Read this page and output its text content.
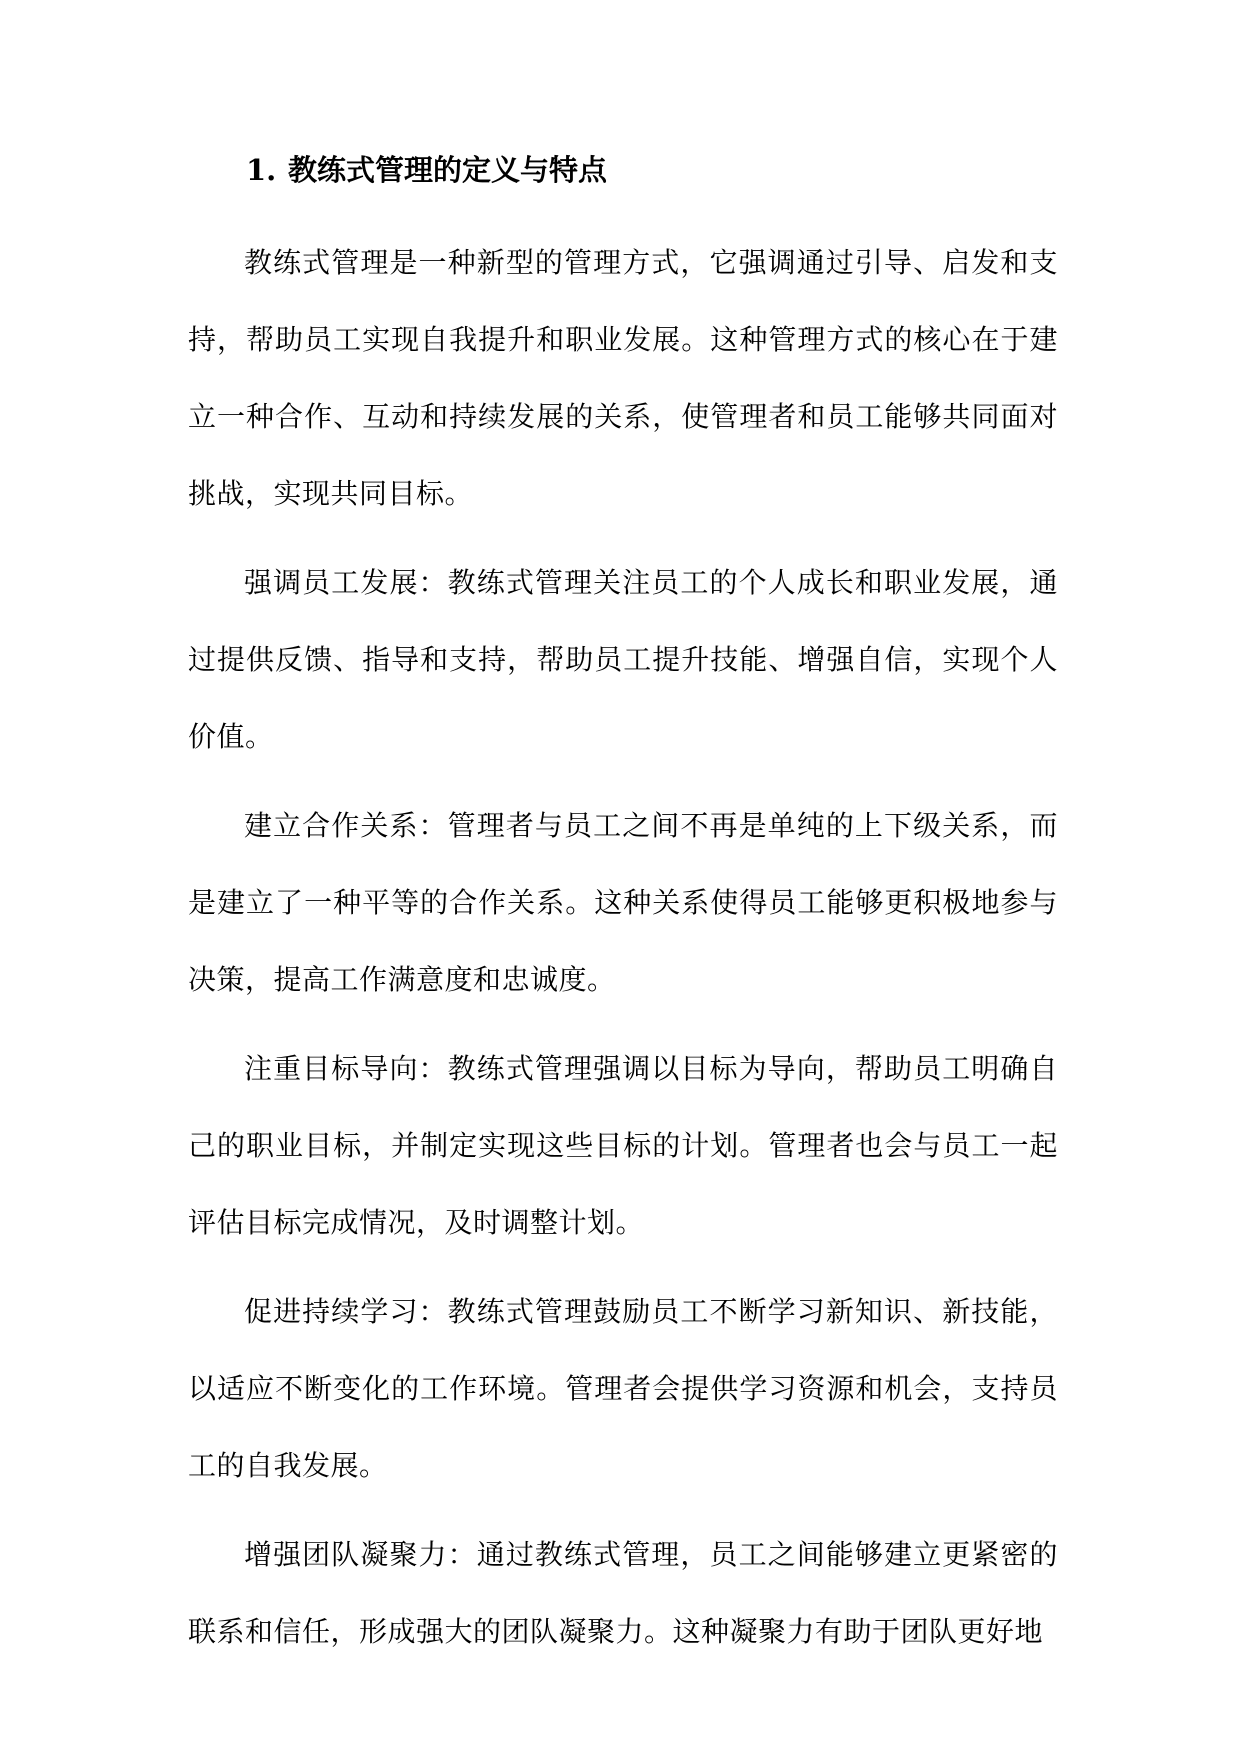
1. 教练式管理的定义与特点

教练式管理是一种新型的管理方式，它强调通过引导、启发和支持，帮助员工实现自我提升和职业发展。这种管理方式的核心在于建立一种合作、互动和持续发展的关系，使管理者和员工能够共同面对挑战，实现共同目标。

强调员工发展：教练式管理关注员工的个人成长和职业发展，通过提供反馈、指导和支持，帮助员工提升技能、增强自信，实现个人价值。

建立合作关系：管理者与员工之间不再是单纯的上下级关系，而是建立了一种平等的合作关系。这种关系使得员工能够更积极地参与决策，提高工作满意度和忠诚度。

注重目标导向：教练式管理强调以目标为导向，帮助员工明确自己的职业目标，并制定实现这些目标的计划。管理者也会与员工一起评估目标完成情况，及时调整计划。

促进持续学习：教练式管理鼓励员工不断学习新知识、新技能，以适应不断变化的工作环境。管理者会提供学习资源和机会，支持员工的自我发展。

增强团队凝聚力：通过教练式管理，员工之间能够建立更紧密的联系和信任，形成强大的团队凝聚力。这种凝聚力有助于团队更好地
